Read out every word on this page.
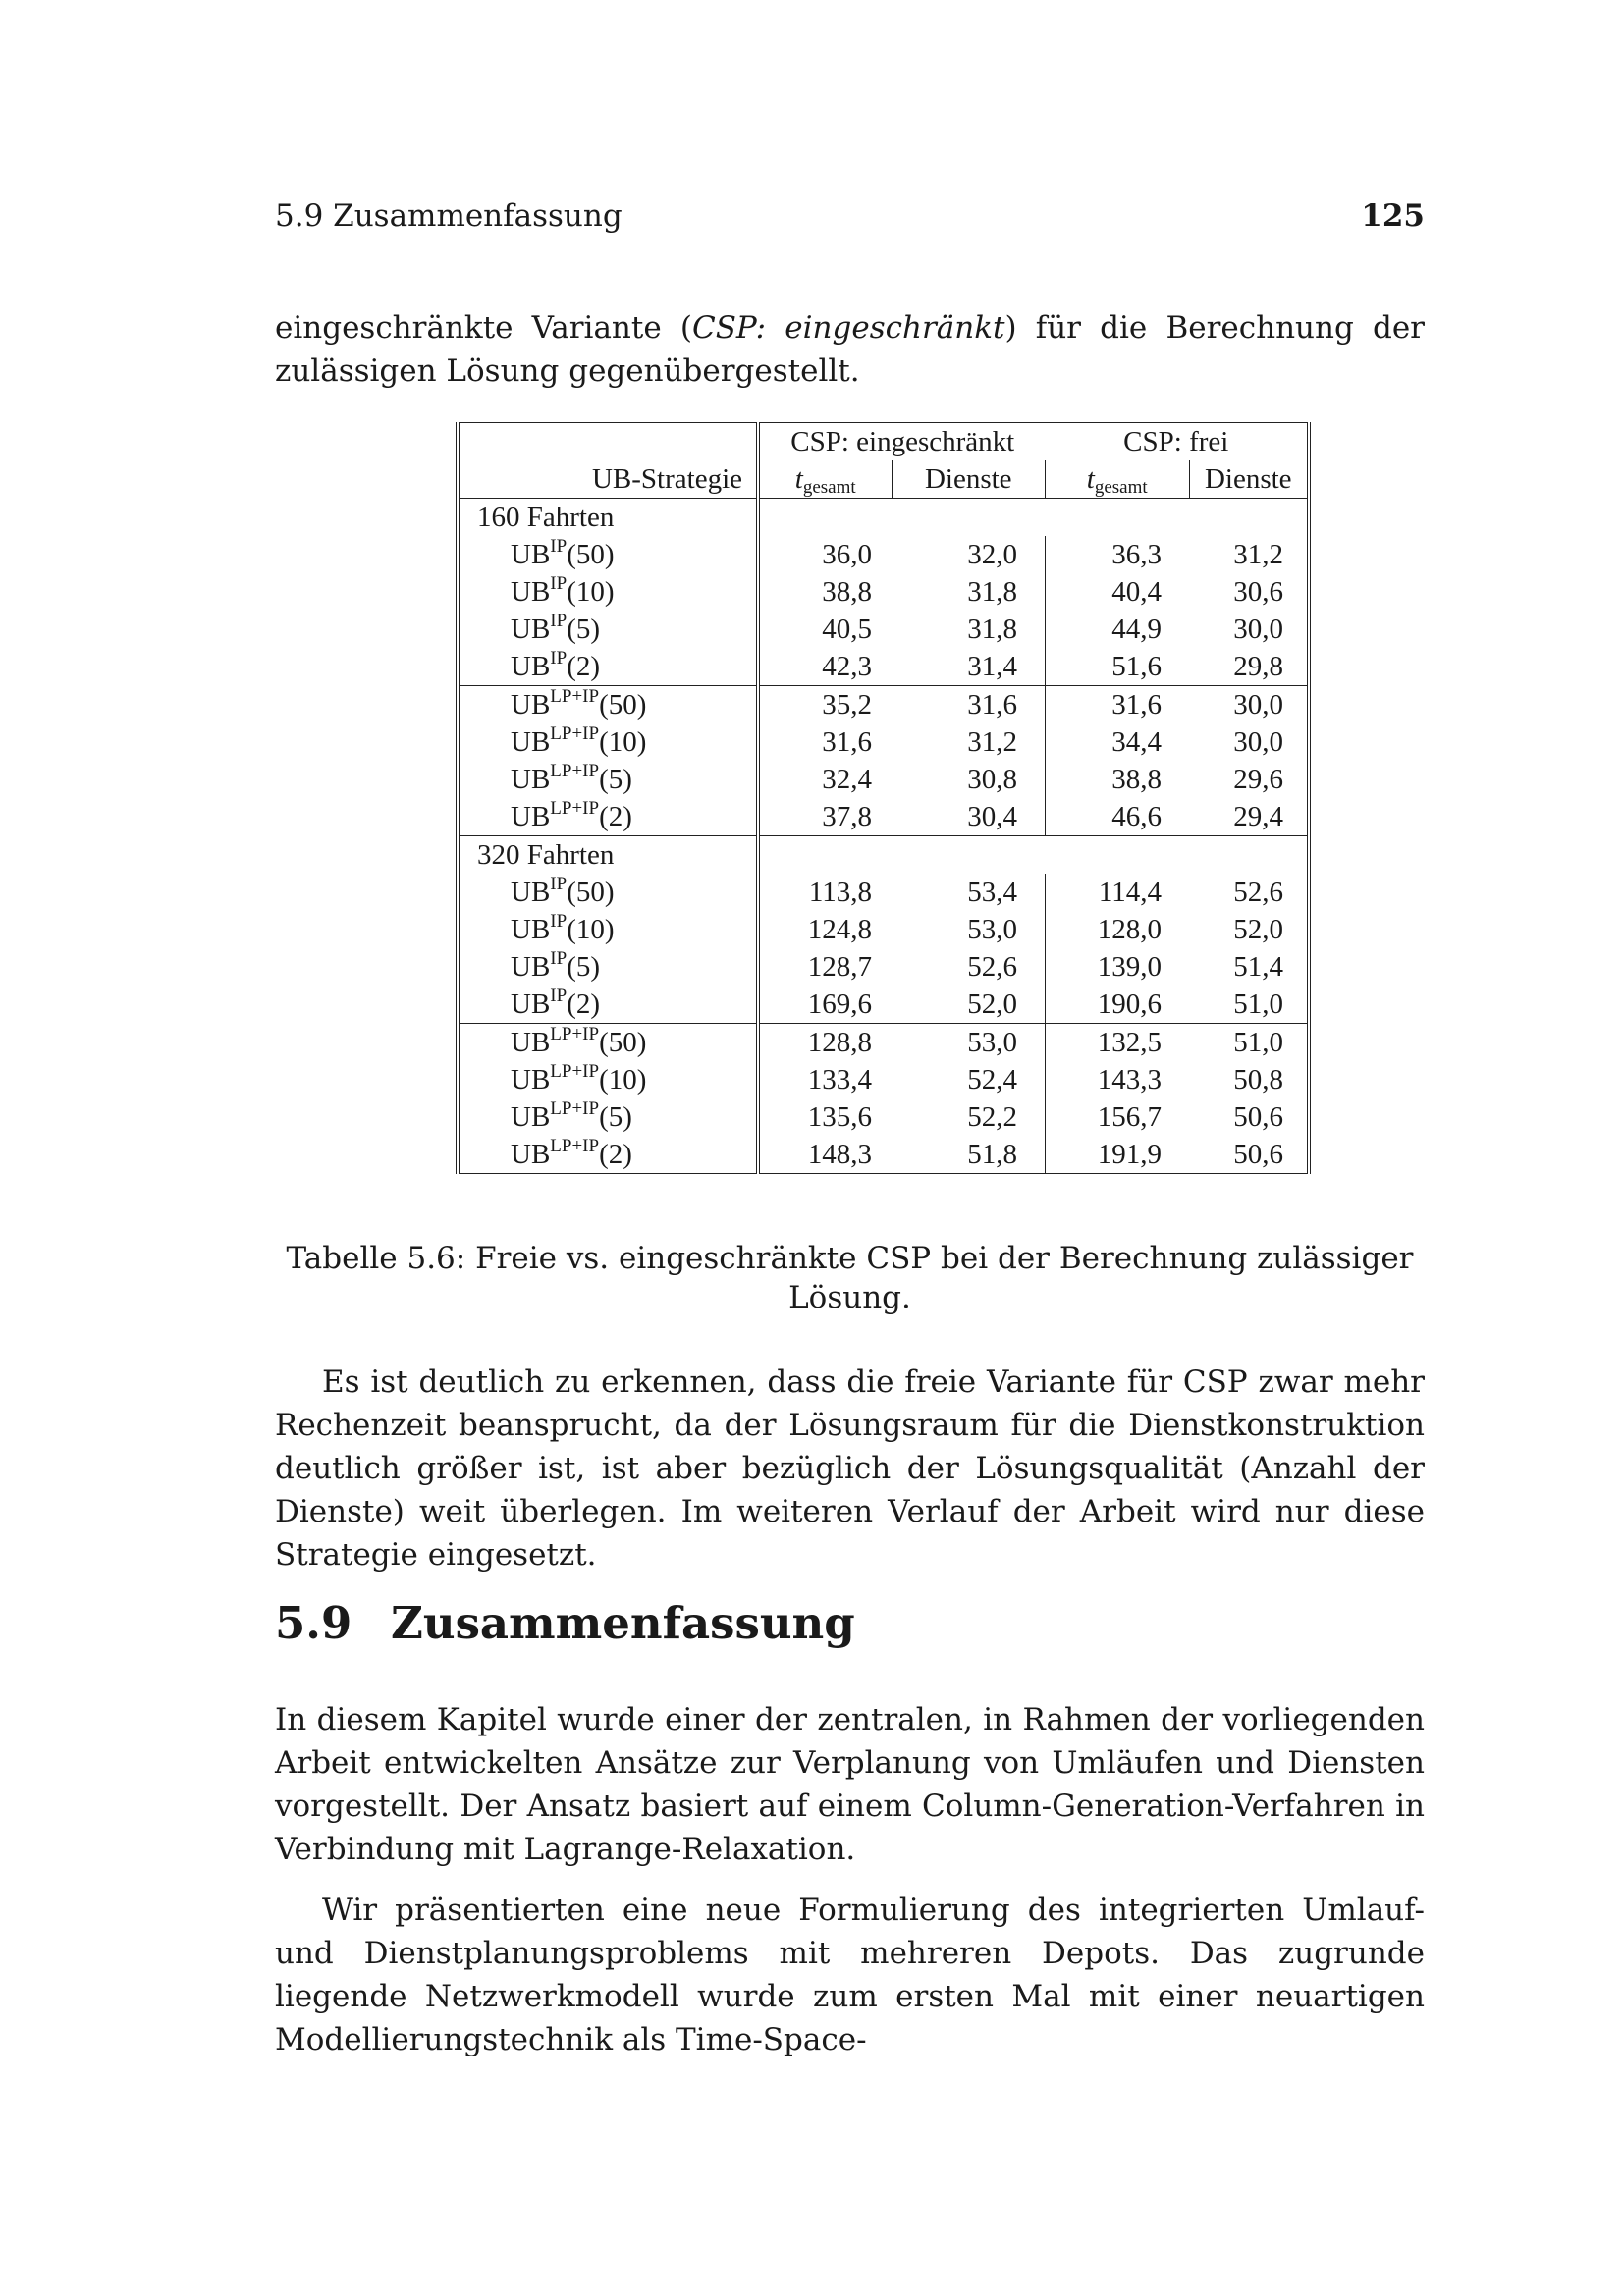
5.9 Zusammenfassung	125

eingeschränkte Variante (CSP: eingeschränkt) für die Berechnung der zulässigen Lösung gegenübergestellt.

	CSP: eingeschränkt		CSP: frei	
UB-Strategie	$t_{gesamt}$	Dienste	$t_{gesamt}$	Dienste
160 Fahrten				
$UB^{IP}(50)$	36,0	32,0	36,3	31,2
$UB^{IP}(10)$	38,8	31,8	40,4	30,6
$UB^{IP}(5)$	40,5	31,8	44,9	30,0
$UB^{IP}(2)$	42,3	31,4	51,6	29,8
$UB^{LP+IP}(50)$	35,2	31,6	31,6	30,0
$UB^{LP+IP}(10)$	31,6	31,2	34,4	30,0
$UB^{LP+IP}(5)$	32,4	30,8	38,8	29,6
$UB^{LP+IP}(2)$	37,8	30,4	46,6	29,4
320 Fahrten				
$UB^{IP}(50)$	113,8	53,4	114,4	52,6
$UB^{IP}(10)$	124,8	53,0	128,0	52,0
$UB^{IP}(5)$	128,7	52,6	139,0	51,4
$UB^{IP}(2)$	169,6	52,0	190,6	51,0
$UB^{LP+IP}(50)$	128,8	53,0	132,5	51,0
$UB^{LP+IP}(10)$	133,4	52,4	143,3	50,8
$UB^{LP+IP}(5)$	135,6	52,2	156,7	50,6
$UB^{LP+IP}(2)$	148,3	51,8	191,9	50,6
Tabelle 5.6: Freie vs. eingeschränkte CSP bei der Berechnung zulässiger Lösung.

Es ist deutlich zu erkennen, dass die freie Variante für CSP zwar mehr Rechenzeit beansprucht, da der Lösungsraum für die Dienstkonstruktion deutlich größer ist, ist aber bezüglich der Lösungsqualität (Anzahl der Dienste) weit überlegen. Im weiteren Verlauf der Arbeit wird nur diese Strategie eingesetzt.

5.9 Zusammenfassung

In diesem Kapitel wurde einer der zentralen, in Rahmen der vorliegenden Arbeit entwickelten Ansätze zur Verplanung von Umläufen und Diensten vorgestellt. Der Ansatz basiert auf einem Column-Generation-Verfahren in Verbindung mit Lagrange-Relaxation.

Wir präsentierten eine neue Formulierung des integrierten Umlauf- und Dienstplanungsproblems mit mehreren Depots. Das zugrunde liegende Netzwerkmodell wurde zum ersten Mal mit einer neuartigen Modellierungstechnik als Time-Space-
